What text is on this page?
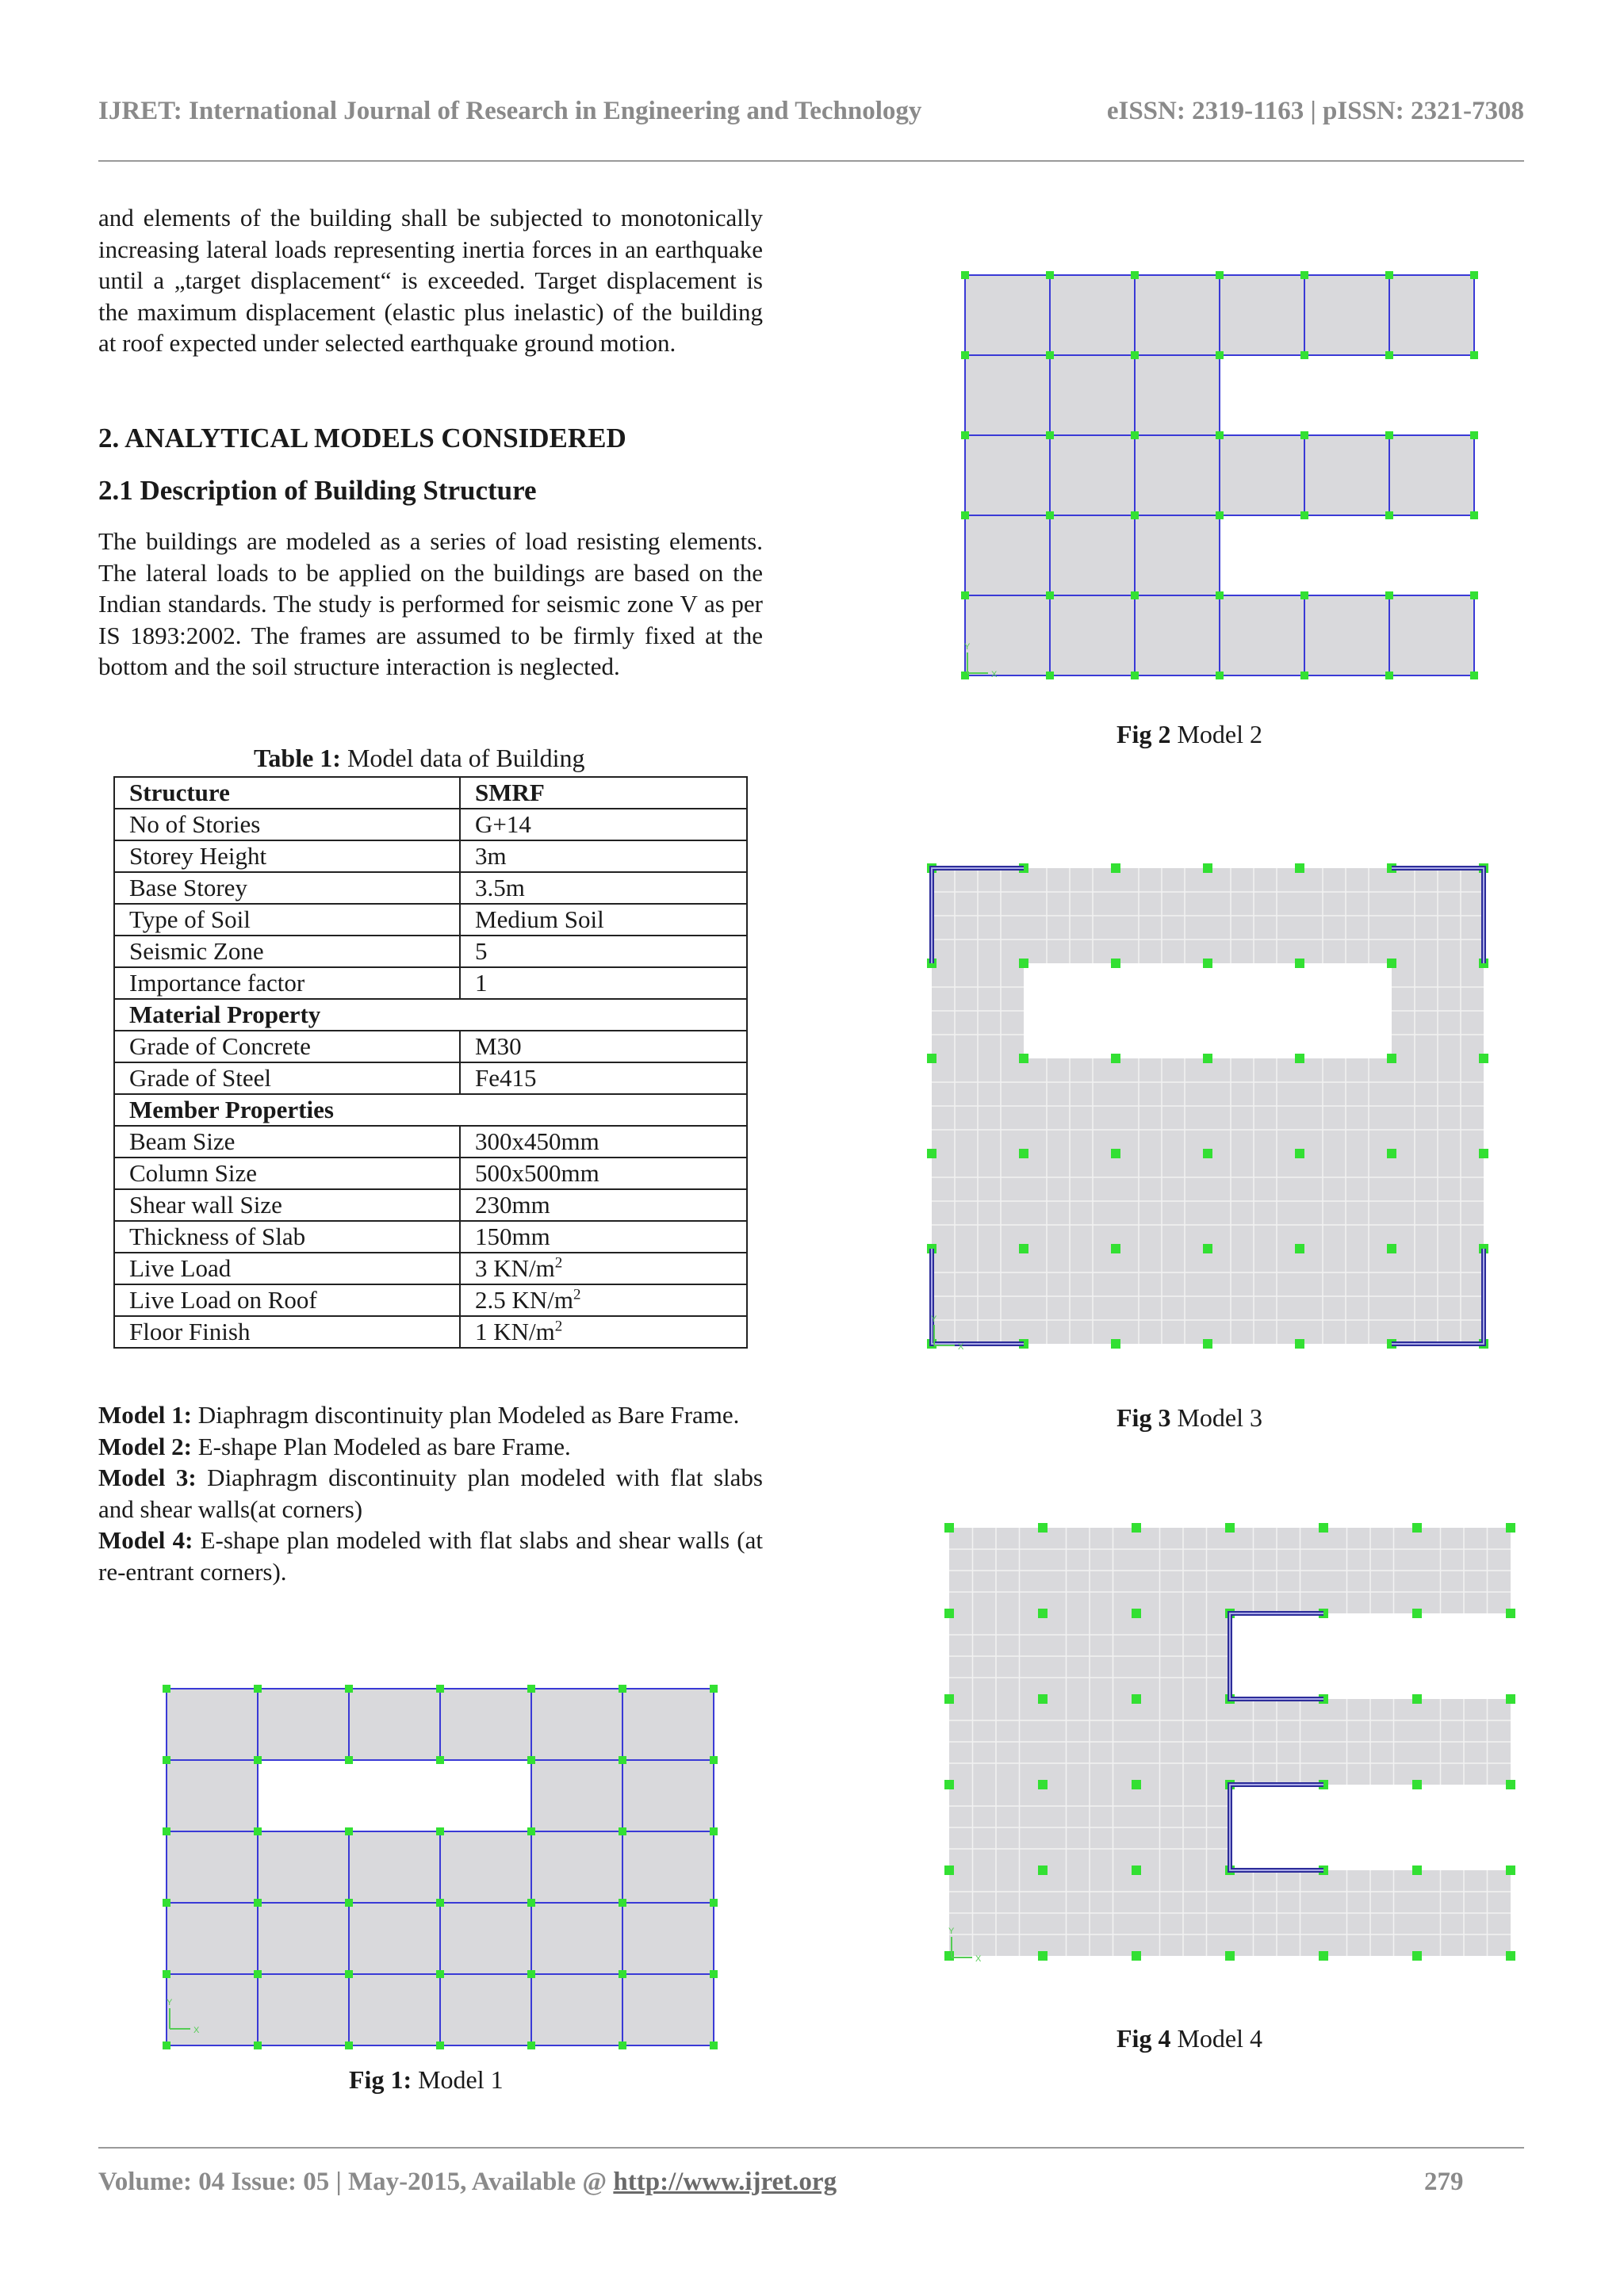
IJRET: International Journal of Research in Engineering and Technology	eISSN: 2319-1163 | pISSN: 2321-7308
and elements of the building shall be subjected to monotonically increasing lateral loads representing inertia forces in an earthquake until a „target displacement“ is exceeded. Target displacement is the maximum displacement (elastic plus inelastic) of the building at roof expected under selected earthquake ground motion.
2. ANALYTICAL MODELS CONSIDERED
2.1 Description of Building Structure
The buildings are modeled as a series of load resisting elements. The lateral loads to be applied on the buildings are based on the Indian standards. The study is performed for seismic zone V as per IS 1893:2002. The frames are assumed to be firmly fixed at the bottom and the soil structure interaction is neglected.
Table 1: Model data of Building
Structure	SMRF
No of Stories	G+14
Storey Height	3m
Base Storey	3.5m
Type of Soil	Medium Soil
Seismic Zone	5
Importance factor	1
Material Property	
Grade of Concrete	M30
Grade of Steel	Fe415
Member Properties	
Beam Size	300x450mm
Column Size	500x500mm
Shear wall Size	230mm
Thickness of Slab	150mm
Live Load	3 $KN/m^2$
Live Load on Roof	2.5 $KN/m^2$
Floor Finish	1 $KN/m^2$
Model 1: Diaphragm discontinuity plan Modeled as Bare Frame.
Model 2: E-shape Plan Modeled as bare Frame.
Model 3: Diaphragm discontinuity plan modeled with flat slabs and shear walls(at corners)
Model 4: E-shape plan modeled with flat slabs and shear walls (at re-entrant corners).
X
Y
Fig 1: Model 1
X
Y
Fig 2 Model 2
X
Y
Fig 3 Model 3
X
Y
Fig 4 Model 4
Volume: 04 Issue: 05 | May-2015, Available @ http://www.ijret.org	279
